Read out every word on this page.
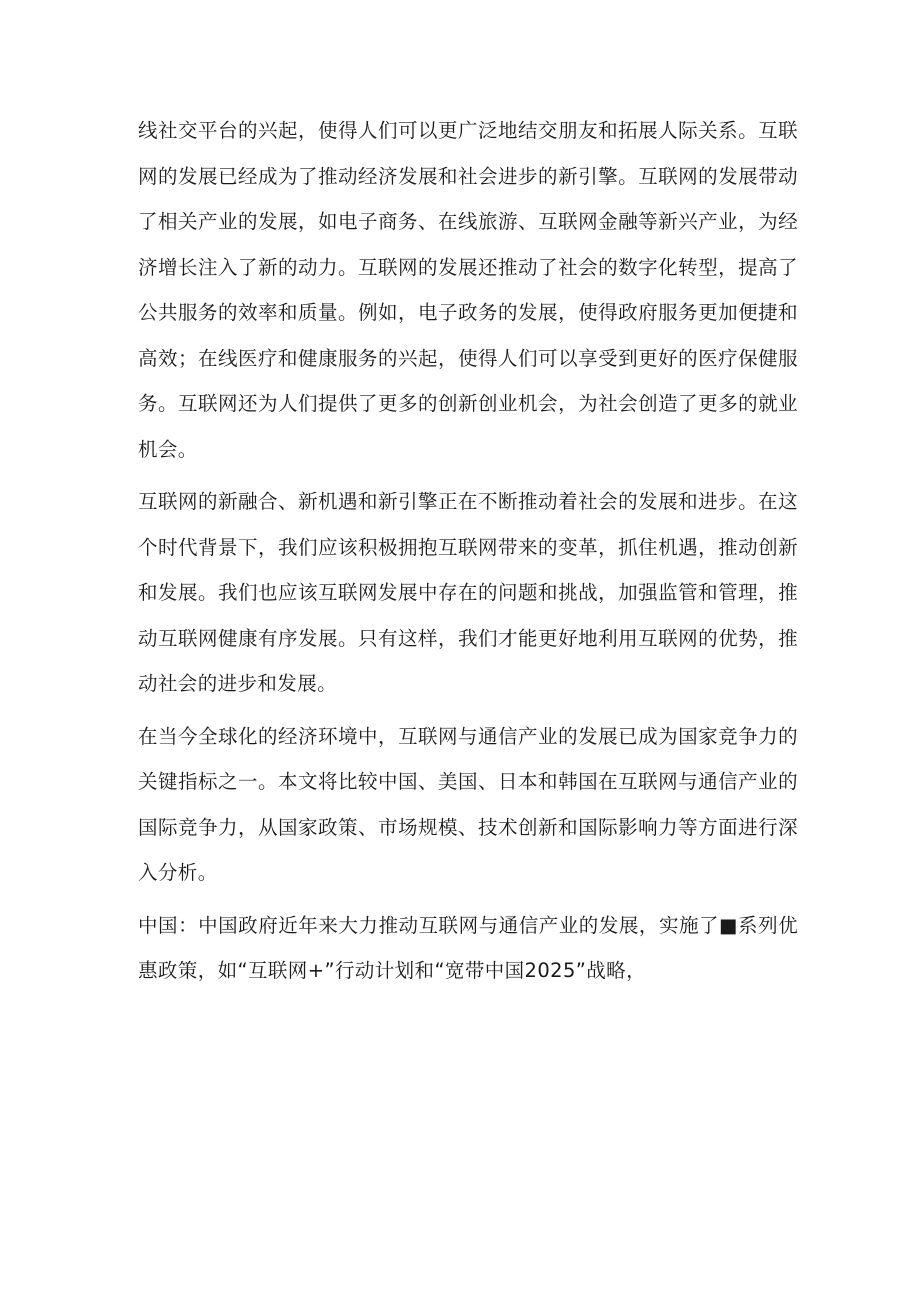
线社交平台的兴起，使得人们可以更广泛地结交朋友和拓展人际关系。互联网的发展已经成为了推动经济发展和社会进步的新引擎。互联网的发展带动了相关产业的发展，如电子商务、在线旅游、互联网金融等新兴产业，为经济增长注入了新的动力。互联网的发展还推动了社会的数字化转型，提高了公共服务的效率和质量。例如，电子政务的发展，使得政府服务更加便捷和高效；在线医疗和健康服务的兴起，使得人们可以享受到更好的医疗保健服务。互联网还为人们提供了更多的创新创业机会，为社会创造了更多的就业机会。

互联网的新融合、新机遇和新引擎正在不断推动着社会的发展和进步。在这个时代背景下，我们应该积极拥抱互联网带来的变革，抓住机遇，推动创新和发展。我们也应该互联网发展中存在的问题和挑战，加强监管和管理，推动互联网健康有序发展。只有这样，我们才能更好地利用互联网的优势，推动社会的进步和发展。

在当今全球化的经济环境中，互联网与通信产业的发展已成为国家竞争力的关键指标之一。本文将比较中国、美国、日本和韩国在互联网与通信产业的国际竞争力，从国家政策、市场规模、技术创新和国际影响力等方面进行深入分析。

中国：中国政府近年来大力推动互联网与通信产业的发展，实施了■系列优惠政策，如“互联网+”行动计划和“宽带中国2025”战略，
